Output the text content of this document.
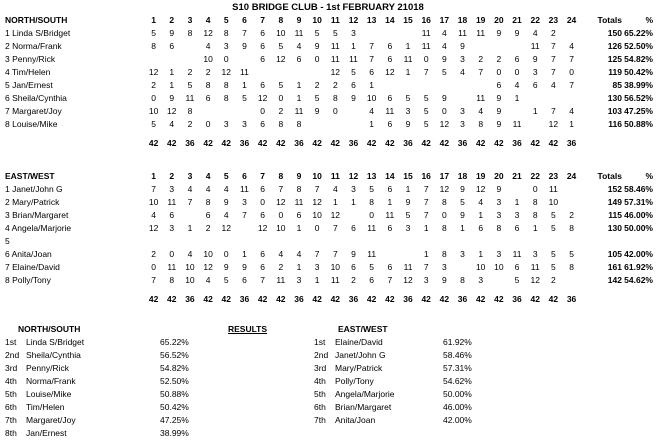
S10 BRIDGE CLUB - 1st FEBRUARY 21018
NORTH/SOUTH	1	2	3	4	5	6	7	8	9	10	11	12	13	14	15	16	17	18	19	20	21	22	23	24	Totals	%
1 Linda S/Bridget	5	9	8	12	8	7	6	10	11	5	5	3				11	4	11	11	9	9	4	2		150	65.22%
2 Norma/Frank	8	6		4	3	9	6	5	4	9	11	1	7	6	1	11	4	9				11	7	4	126	52.50%
3 Penny/Rick				10	0		6	12	6	0	11	11	7	6	11	0	9	3	2	2	6	9	7	7	125	54.82%
4 Tim/Helen	12	1	2	2	12	11					12	5	6	12	1	7	5	4	7	0	0	3	7	0	119	50.42%
5 Jan/Ernest	2	1	5	8	8	1	6	5	1	2	2	6	1							6	4	6	4	7	85	38.99%
6 Sheila/Cynthia	0	9	11	6	8	5	12	0	1	5	8	9	10	6	5	5	9		11	9	1				130	56.52%
7 Margaret/Joy	10	12	8				0	2	11	9	0		4	11	3	5	0	3	4	9		1	7	4	103	47.25%
8 Louise/Mike	5	4	2	0	3	3	6	8	8				1	6	9	5	12	3	8	9	11		12	1	116	50.88%

	42	42	36	42	42	36	42	42	36	42	42	36	42	42	36	42	42	36	42	42	36	42	42	36		
EAST/WEST	1	2	3	4	5	6	7	8	9	10	11	12	13	14	15	16	17	18	19	20	21	22	23	24	Totals	%
1 Janet/John G	7	3	4	4	4	11	6	7	8	7	4	3	5	6	1	7	12	9	12	9		0	11		152	58.46%
2 Mary/Patrick	10	11	7	8	9	3	0	12	11	12	1	1	8	1	9	7	8	5	4	3	1	8	10		149	57.31%
3 Brian/Margaret	4	6		6	4	7	6	0	6	10	12		0	11	5	7	0	9	1	3	3	8	5	2	115	46.00%
4 Angela/Marjorie	12	3	1	2	12		12	10	1	0	7	6	11	6	3	1	8	1	6	8	6	1	5	8	130	50.00%
5																										
6 Anita/Joan	2	0	4	10	0	1	6	4	4	7	7	9	11			1	8	3	1	3	11	3	5	5	105	42.00%
7 Elaine/David	0	11	10	12	9	9	6	2	1	3	10	6	5	6	11	7	3		10	10	6	11	5	8	161	61.92%
8 Polly/Tony	7	8	10	4	5	6	7	11	3	1	11	2	6	7	12	3	9	8	3		5	12	2		142	54.62%

	42	42	36	42	42	36	42	42	36	42	42	36	42	42	36	42	42	36	42	42	36	42	42	36		
NORTH/SOUTH	RESULTS	EAST/WEST
1st Linda S/Bridget	65.22%
2nd Sheila/Cynthia	56.52%
3rd Penny/Rick	54.82%
4th Norma/Frank	52.50%
5th Louise/Mike	50.88%
6th Tim/Helen	50.42%
7th Margaret/Joy	47.25%
8th Jan/Ernest	38.99%
1st Elaine/David	61.92%
2nd Janet/John G	58.46%
3rd Mary/Patrick	57.31%
4th Polly/Tony	54.62%
5th Angela/Marjorie	50.00%
6th Brian/Margaret	46.00%
7th Anita/Joan	42.00%
